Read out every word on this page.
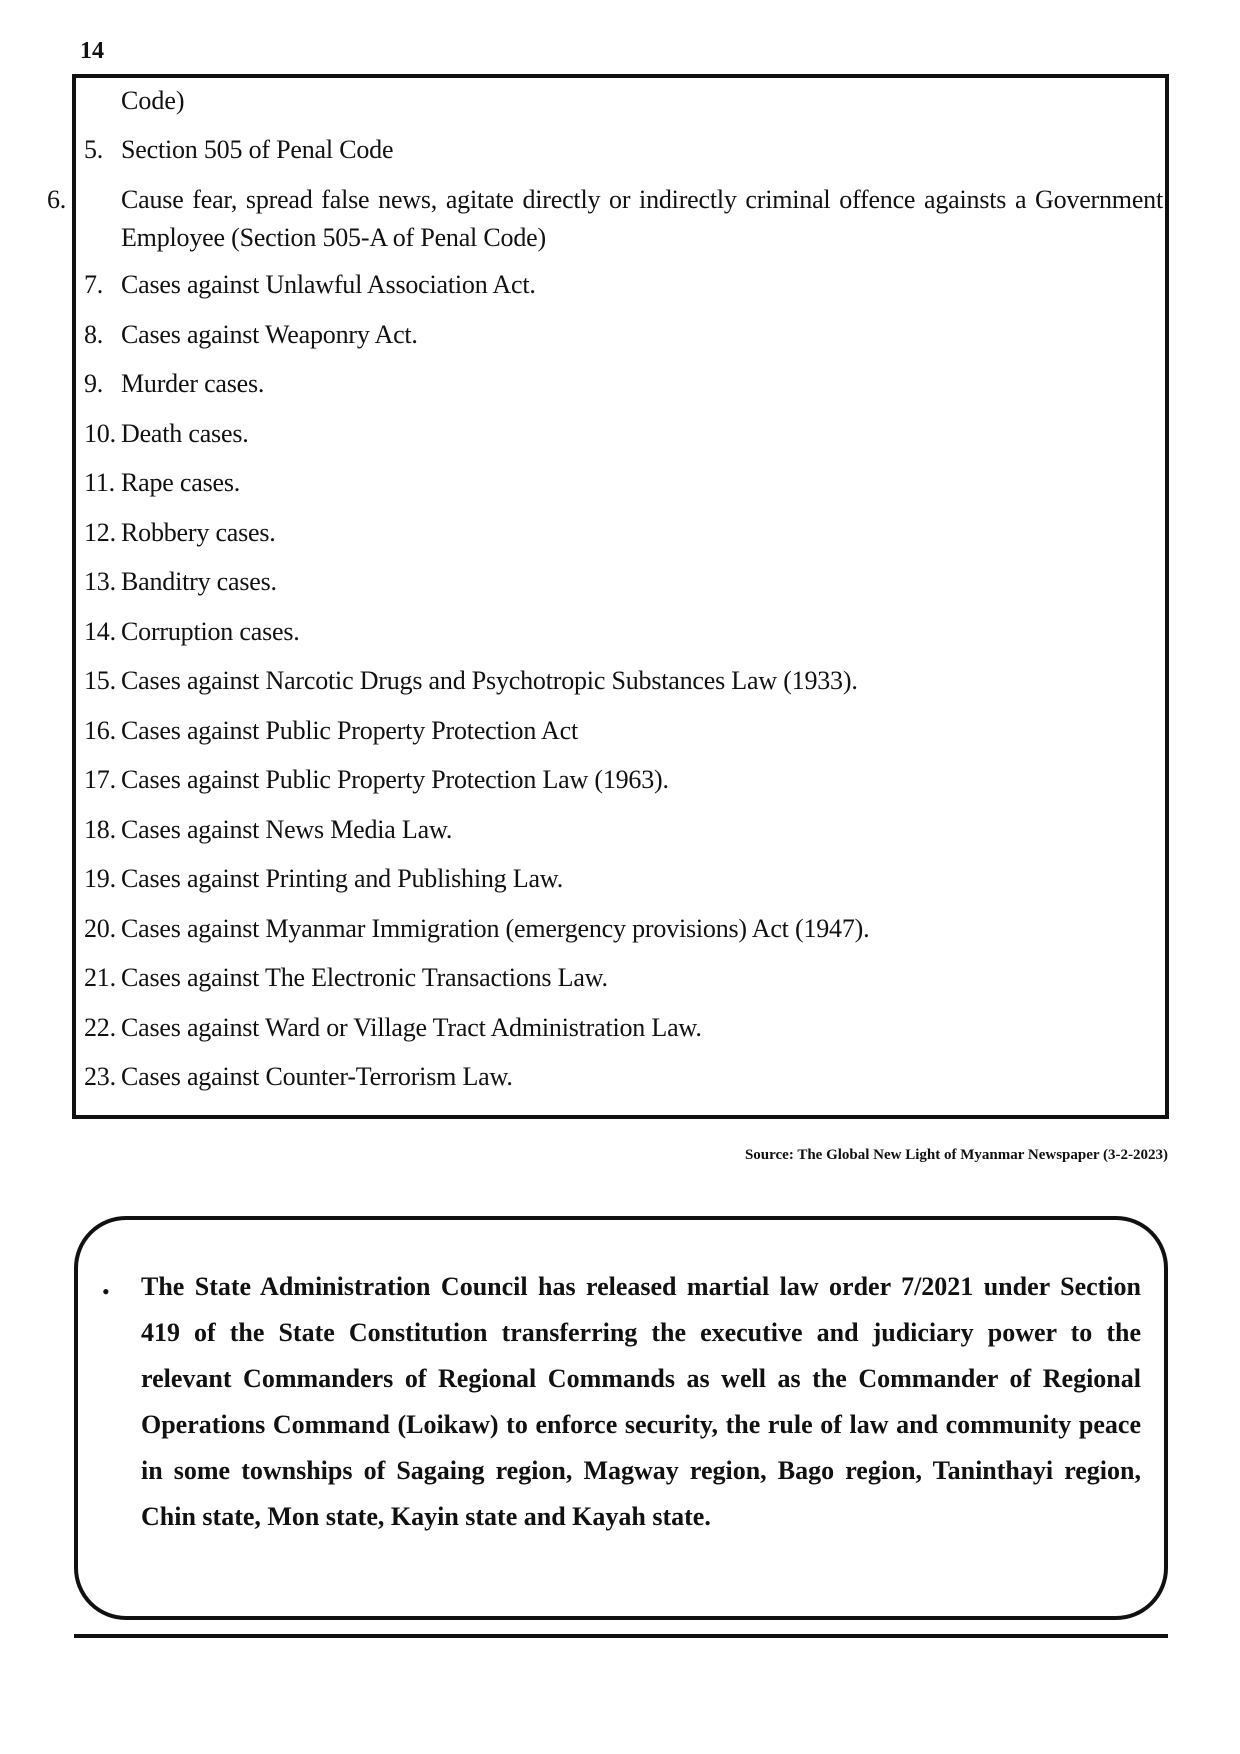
14
Code)
5. Section 505 of Penal Code
6. Cause fear, spread false news, agitate directly or indirectly criminal offence againsts a Government Employee (Section 505-A of Penal Code)
7. Cases against Unlawful Association Act.
8. Cases against Weaponry Act.
9. Murder cases.
10. Death cases.
11. Rape cases.
12. Robbery cases.
13. Banditry cases.
14. Corruption cases.
15. Cases against Narcotic Drugs and Psychotropic Substances Law (1933).
16. Cases against Public Property Protection Act
17. Cases against Public Property Protection Law (1963).
18. Cases against News Media Law.
19. Cases against Printing and Publishing Law.
20. Cases against Myanmar Immigration (emergency provisions) Act (1947).
21. Cases against The Electronic Transactions Law.
22. Cases against Ward or Village Tract Administration Law.
23. Cases against Counter-Terrorism Law.
Source: The Global New Light of Myanmar Newspaper (3-2-2023)
• The State Administration Council has released martial law order 7/2021 under Section 419 of the State Constitution transferring the executive and judiciary power to the relevant Commanders of Regional Commands as well as the Commander of Regional Operations Command (Loikaw) to enforce security, the rule of law and community peace in some townships of Sagaing region, Magway region, Bago region, Taninthayi region, Chin state, Mon state, Kayin state and Kayah state.
